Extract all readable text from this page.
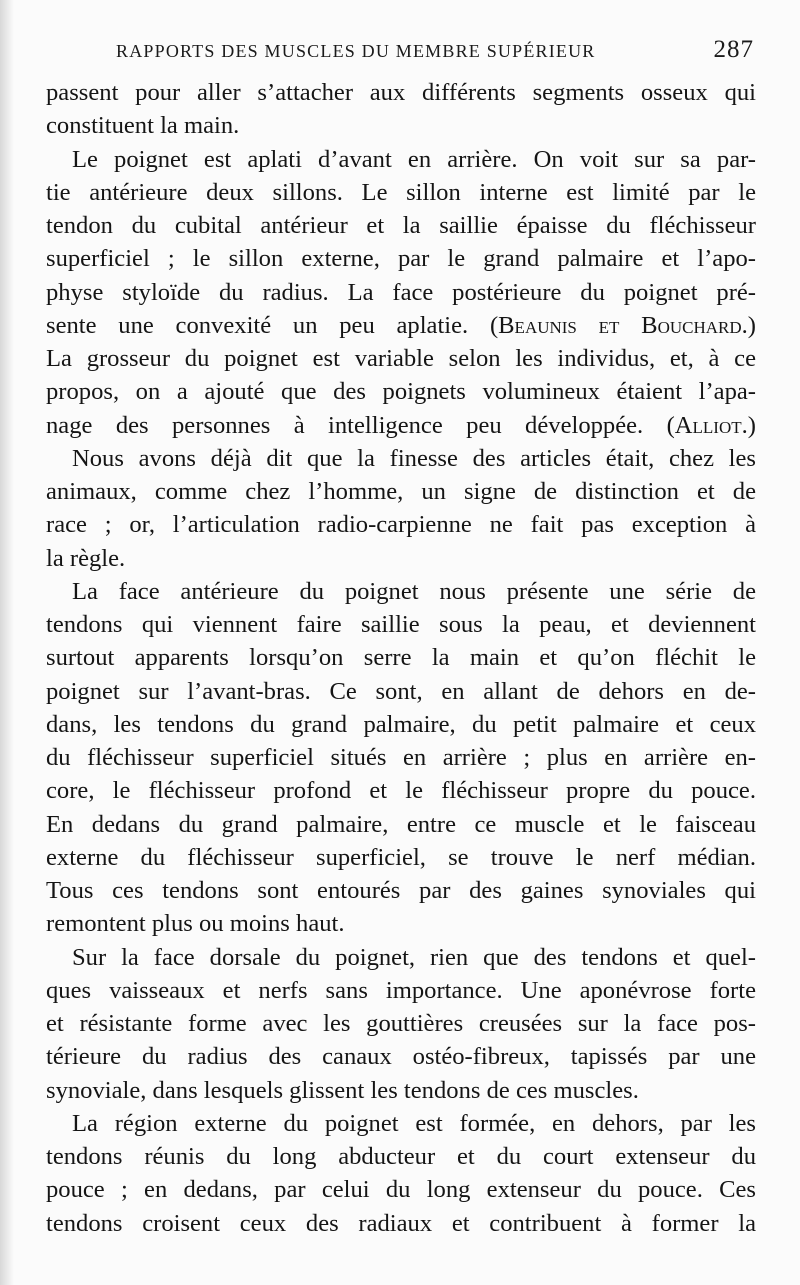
RAPPORTS DES MUSCLES DU MEMBRE SUPÉRIEUR	287
passent pour aller s’attacher aux différents segments osseux qui
constituent la main.
Le poignet est aplati d’avant en arrière. On voit sur sa par-
tie antérieure deux sillons. Le sillon interne est limité par le
tendon du cubital antérieur et la saillie épaisse du fléchisseur
superficiel ; le sillon externe, par le grand palmaire et l’apo-
physe styloïde du radius. La face postérieure du poignet pré-
sente une convexité un peu aplatie. (Beaunis et Bouchard.)
La grosseur du poignet est variable selon les individus, et, à ce
propos, on a ajouté que des poignets volumineux étaient l’apa-
nage des personnes à intelligence peu développée. (Alliot.)
Nous avons déjà dit que la finesse des articles était, chez les
animaux, comme chez l’homme, un signe de distinction et de
race ; or, l’articulation radio-carpienne ne fait pas exception à
la règle.
La face antérieure du poignet nous présente une série de
tendons qui viennent faire saillie sous la peau, et deviennent
surtout apparents lorsqu’on serre la main et qu’on fléchit le
poignet sur l’avant-bras. Ce sont, en allant de dehors en de-
dans, les tendons du grand palmaire, du petit palmaire et ceux
du fléchisseur superficiel situés en arrière ; plus en arrière en-
core, le fléchisseur profond et le fléchisseur propre du pouce.
En dedans du grand palmaire, entre ce muscle et le faisceau
externe du fléchisseur superficiel, se trouve le nerf médian.
Tous ces tendons sont entourés par des gaines synoviales qui
remontent plus ou moins haut.
Sur la face dorsale du poignet, rien que des tendons et quel-
ques vaisseaux et nerfs sans importance. Une aponévrose forte
et résistante forme avec les gouttières creusées sur la face pos-
térieure du radius des canaux ostéo-fibreux, tapissés par une
synoviale, dans lesquels glissent les tendons de ces muscles.
La région externe du poignet est formée, en dehors, par les
tendons réunis du long abducteur et du court extenseur du
pouce ; en dedans, par celui du long extenseur du pouce. Ces
tendons croisent ceux des radiaux et contribuent à former la
